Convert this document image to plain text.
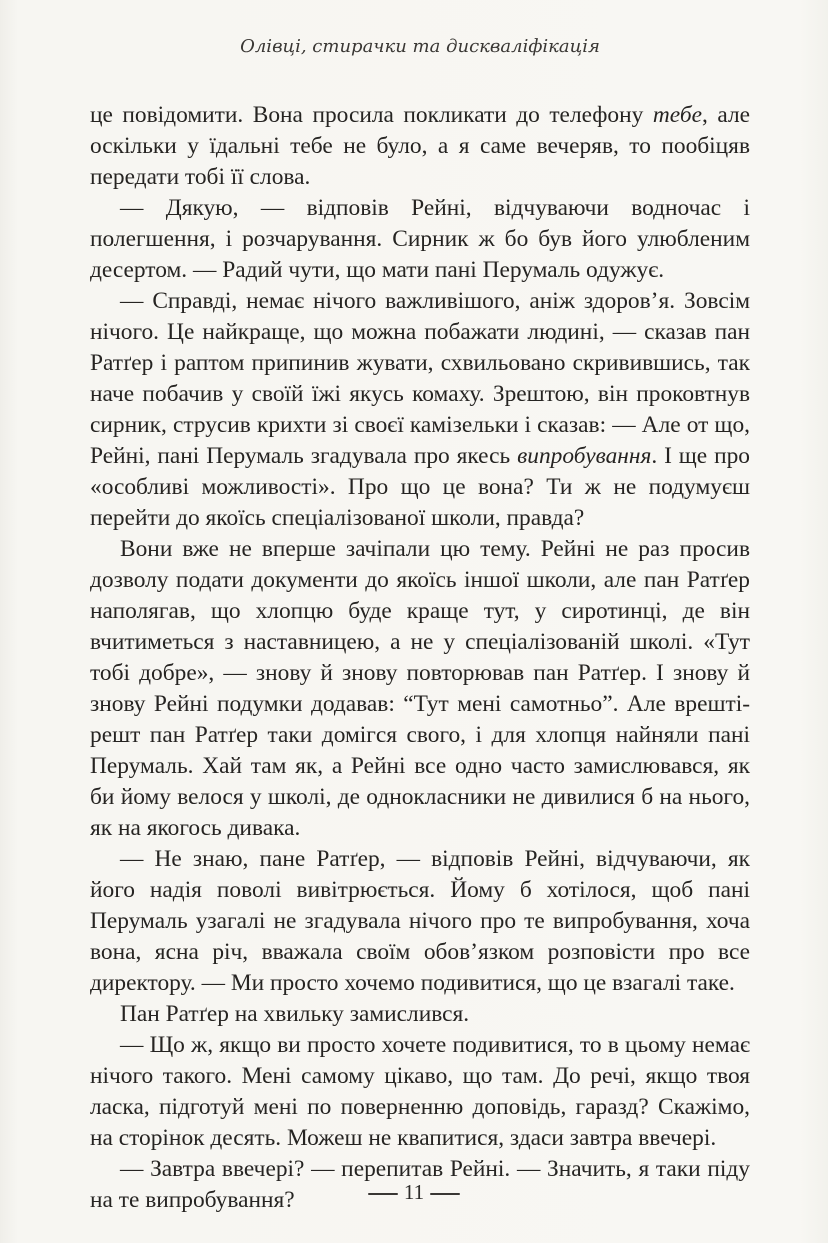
Олівці, стирачки та дискваліфікація

це повідомити. Вона просила покликати до телефону тебе, але оскільки у їдальні тебе не було, а я саме вечеряв, то пообіцяв передати тобі її слова.

— Дякую, — відповів Рейні, відчуваючи водночас і полегшення, і розчарування. Сирник ж бо був його улюбленим десертом. — Радий чути, що мати пані Перумаль одужує.

— Справді, немає нічого важливішого, аніж здоров’я. Зовсім нічого. Це найкраще, що можна побажати людині, — сказав пан Ратґер і раптом припинив жувати, схвильовано скривившись, так наче побачив у своїй їжі якусь комаху. Зрештою, він проковтнув сирник, струсив крихти зі своєї камізельки і сказав: — Але от що, Рейні, пані Перумаль згадувала про якесь випробування. І ще про «особливі можливості». Про що це вона? Ти ж не подумуєш перейти до якоїсь спеціалізованої школи, правда?

Вони вже не вперше зачіпали цю тему. Рейні не раз просив дозволу подати документи до якоїсь іншої школи, але пан Ратґер наполягав, що хлопцю буде краще тут, у сиротинці, де він вчитиметься з наставницею, а не у спеціалізованій школі. «Тут тобі добре», — знову й знову повторював пан Ратґер. І знову й знову Рейні подумки додавав: “Тут мені самотньо”. Але врешті-решт пан Ратґер таки домігся свого, і для хлопця найняли пані Перумаль. Хай там як, а Рейні все одно часто замислювався, як би йому велося у школі, де однокласники не дивилися б на нього, як на якогось дивака.

— Не знаю, пане Ратґер, — відповів Рейні, відчуваючи, як його надія поволі вивітрюється. Йому б хотілося, щоб пані Перумаль узагалі не згадувала нічого про те випробування, хоча вона, ясна річ, вважала своїм обов’язком розповісти про все директору. — Ми просто хочемо подивитися, що це взагалі таке.

Пан Ратґер на хвильку замислився.

— Що ж, якщо ви просто хочете подивитися, то в цьому немає нічого такого. Мені самому цікаво, що там. До речі, якщо твоя ласка, підготуй мені по поверненню доповідь, гаразд? Скажімо, на сторінок десять. Можеш не квапитися, здаси завтра ввечері.

— Завтра ввечері? — перепитав Рейні. — Значить, я таки піду на те випробування?	11
